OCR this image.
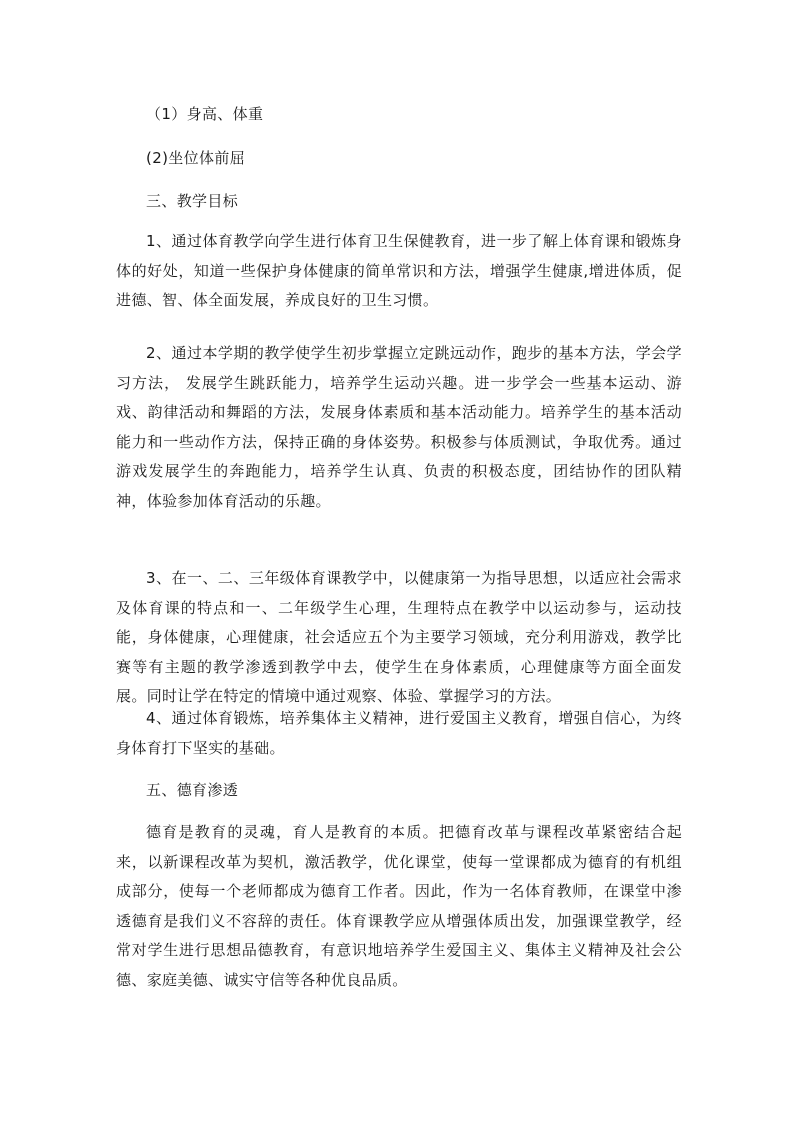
（1）身高、体重

(2)坐位体前屈

三、教学目标

1、通过体育教学向学生进行体育卫生保健教育，进一步了解上体育课和锻炼身体的好处，知道一些保护身体健康的简单常识和方法，增强学生健康,增进体质，促进德、智、体全面发展，养成良好的卫生习惯。

2、通过本学期的教学使学生初步掌握立定跳远动作，跑步的基本方法，学会学习方法， 发展学生跳跃能力，培养学生运动兴趣。进一步学会一些基本运动、游戏、韵律活动和舞蹈的方法，发展身体素质和基本活动能力。培养学生的基本活动能力和一些动作方法，保持正确的身体姿势。积极参与体质测试，争取优秀。通过游戏发展学生的奔跑能力，培养学生认真、负责的积极态度，团结协作的团队精神，体验参加体育活动的乐趣。

3、在一、二、三年级体育课教学中，以健康第一为指导思想，以适应社会需求及体育课的特点和一、二年级学生心理，生理特点在教学中以运动参与，运动技能，身体健康，心理健康，社会适应五个为主要学习领域，充分利用游戏，教学比赛等有主题的教学渗透到教学中去，使学生在身体素质，心理健康等方面全面发展。同时让学在特定的情境中通过观察、体验、掌握学习的方法。

4、通过体育锻炼，培养集体主义精神，进行爱国主义教育，增强自信心，为终身体育打下坚实的基础。

五、德育渗透

德育是教育的灵魂，育人是教育的本质。把德育改革与课程改革紧密结合起来，以新课程改革为契机，激活教学，优化课堂，使每一堂课都成为德育的有机组成部分，使每一个老师都成为德育工作者。因此，作为一名体育教师，在课堂中渗透德育是我们义不容辞的责任。体育课教学应从增强体质出发，加强课堂教学，经常对学生进行思想品德教育，有意识地培养学生爱国主义、集体主义精神及社会公德、家庭美德、诚实守信等各种优良品质。
